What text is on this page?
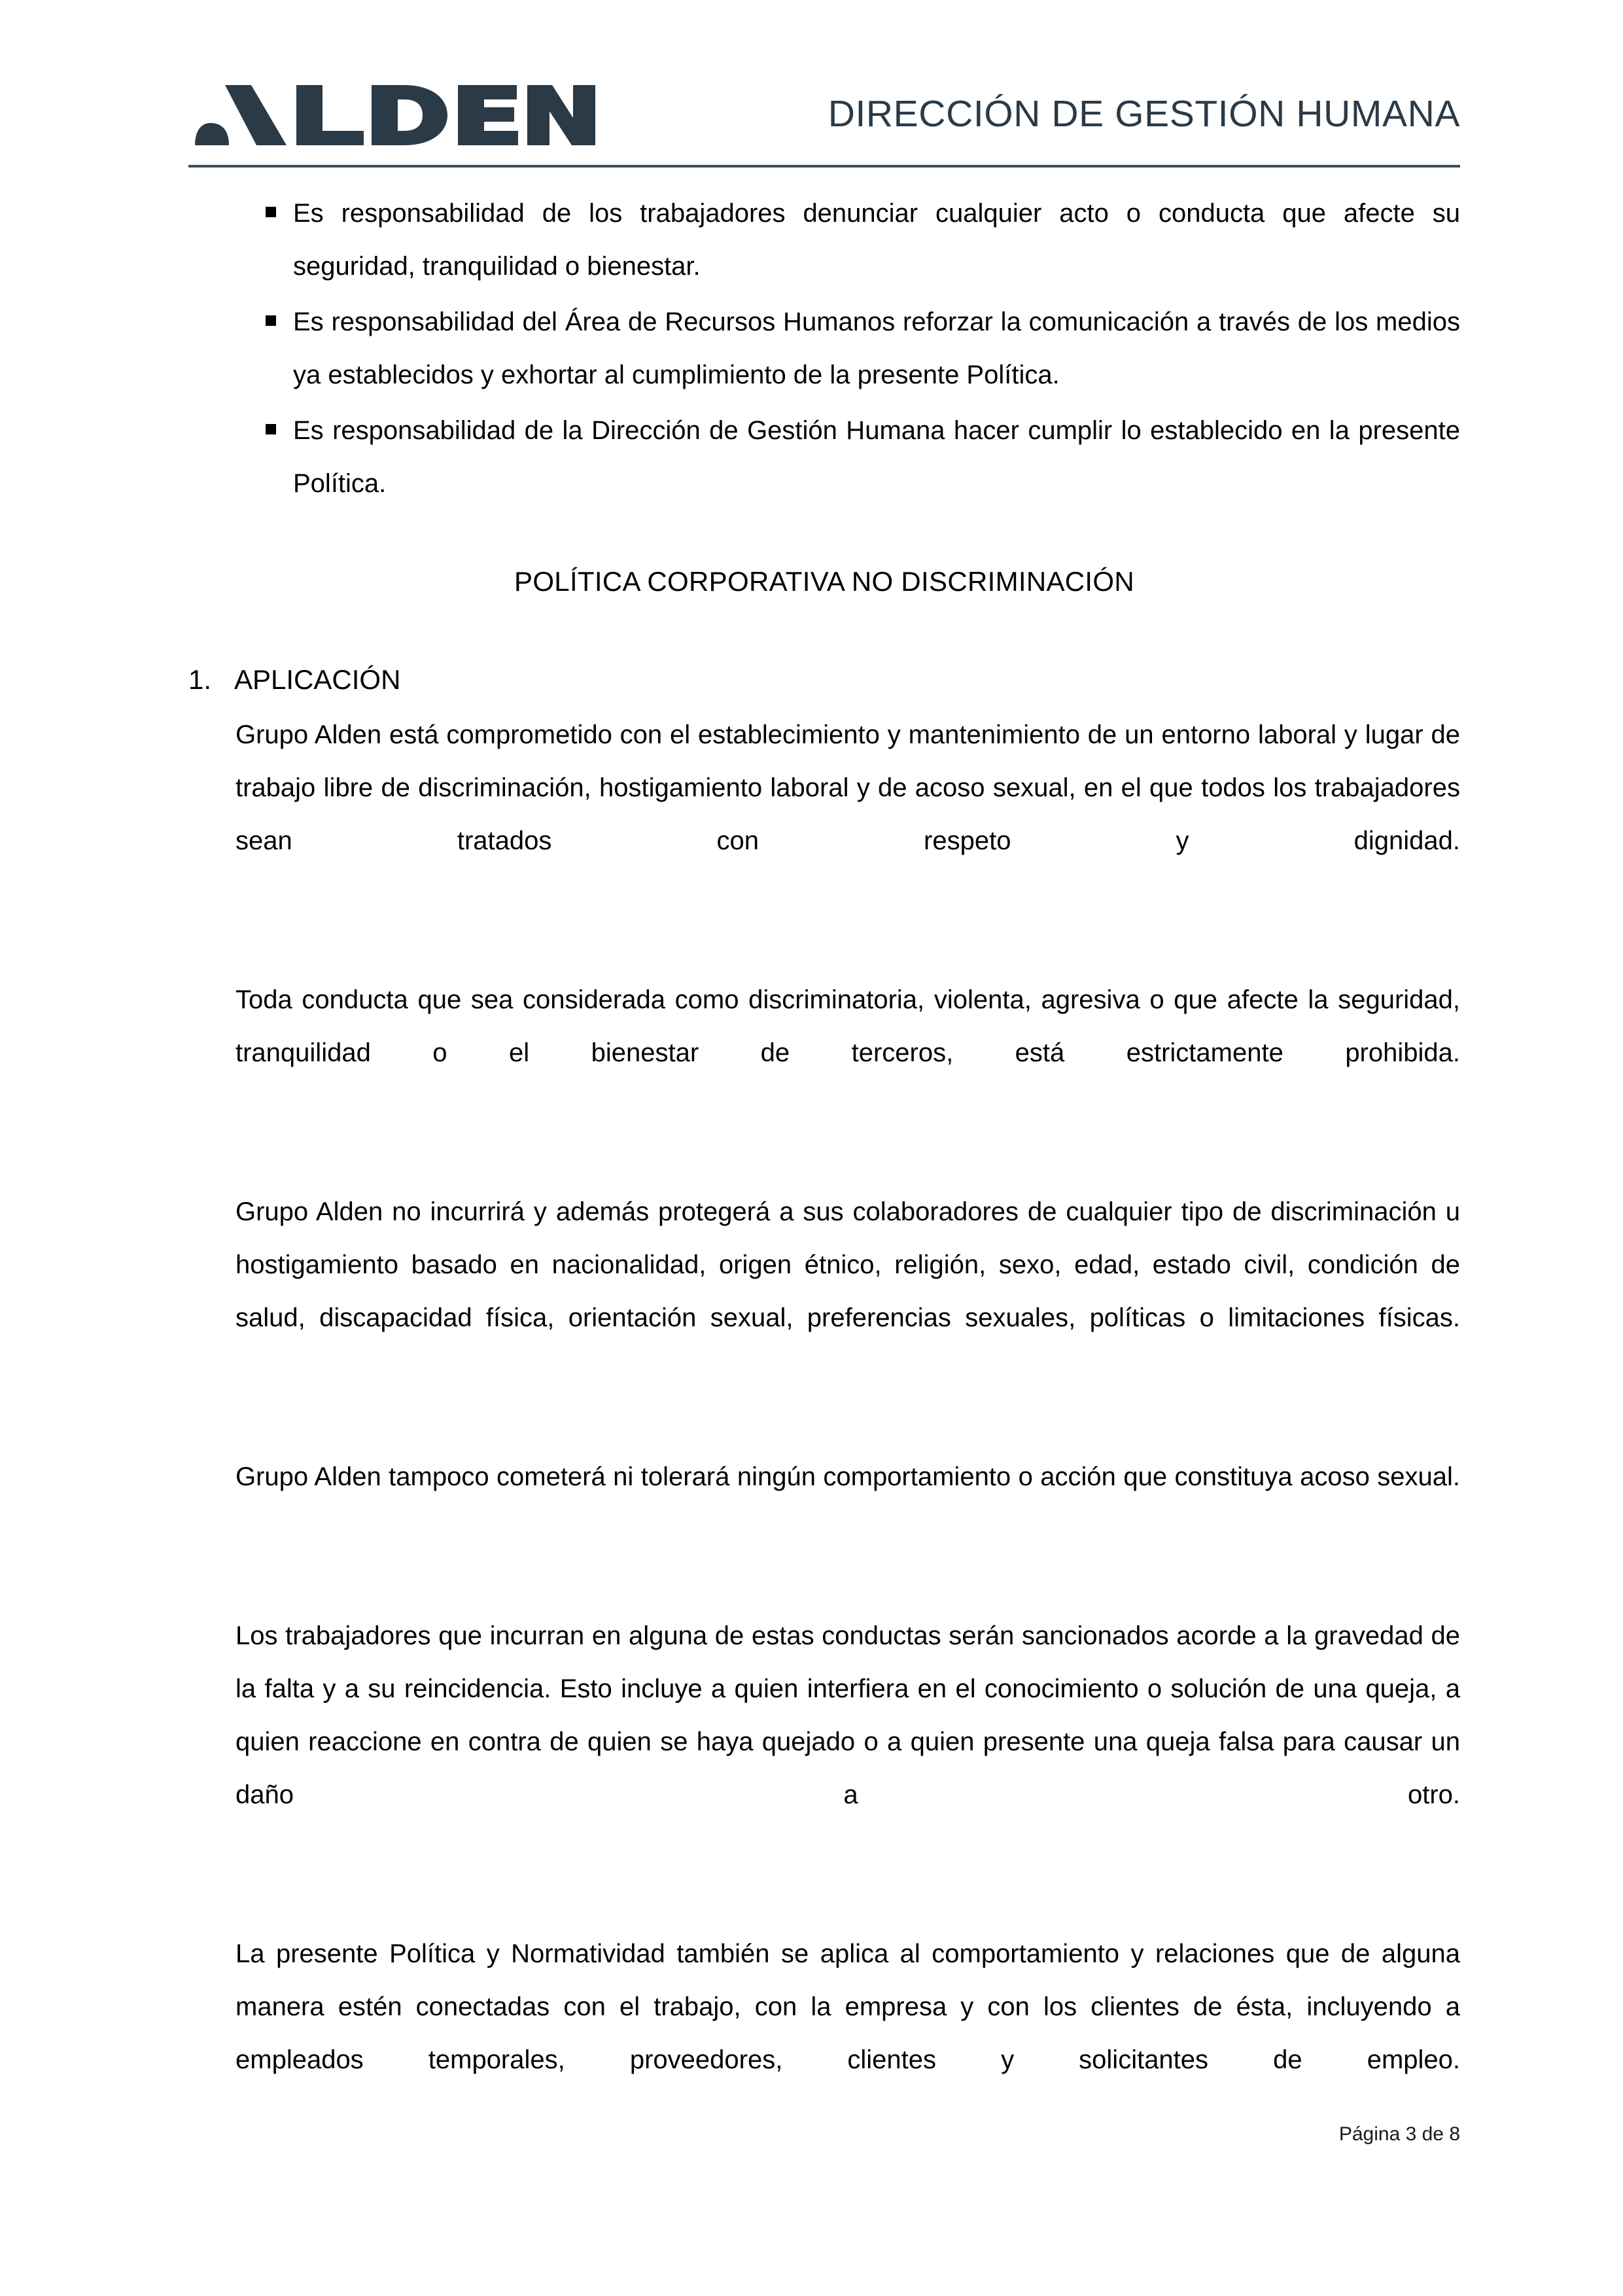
DIRECCIÓN DE GESTIÓN HUMANA
Es responsabilidad de los trabajadores denunciar cualquier acto o conducta que afecte su seguridad, tranquilidad o bienestar.
Es responsabilidad del Área de Recursos Humanos reforzar la comunicación a través de los medios ya establecidos y exhortar al cumplimiento de la presente Política.
Es responsabilidad de la Dirección de Gestión Humana hacer cumplir lo establecido en la presente Política.
POLÍTICA CORPORATIVA NO DISCRIMINACIÓN
1. APLICACIÓN

Grupo Alden está comprometido con el establecimiento y mantenimiento de un entorno laboral y lugar de trabajo libre de discriminación, hostigamiento laboral y de acoso sexual, en el que todos los trabajadores sean tratados con respeto y dignidad.

Toda conducta que sea considerada como discriminatoria, violenta, agresiva o que afecte la seguridad, tranquilidad o el bienestar de terceros, está estrictamente prohibida.

Grupo Alden no incurrirá y además protegerá a sus colaboradores de cualquier tipo de discriminación u hostigamiento basado en nacionalidad, origen étnico, religión, sexo, edad, estado civil, condición de salud, discapacidad física, orientación sexual, preferencias sexuales, políticas o limitaciones físicas.

Grupo Alden tampoco cometerá ni tolerará ningún comportamiento o acción que constituya acoso sexual.

Los trabajadores que incurran en alguna de estas conductas serán sancionados acorde a la gravedad de la falta y a su reincidencia. Esto incluye a quien interfiera en el conocimiento o solución de una queja, a quien reaccione en contra de quien se haya quejado o a quien presente una queja falsa para causar un daño a otro.

La presente Política y Normatividad también se aplica al comportamiento y relaciones que de alguna manera estén conectadas con el trabajo, con la empresa y con los clientes de ésta, incluyendo a empleados temporales, proveedores, clientes y solicitantes de empleo.

Página 3 de 8
